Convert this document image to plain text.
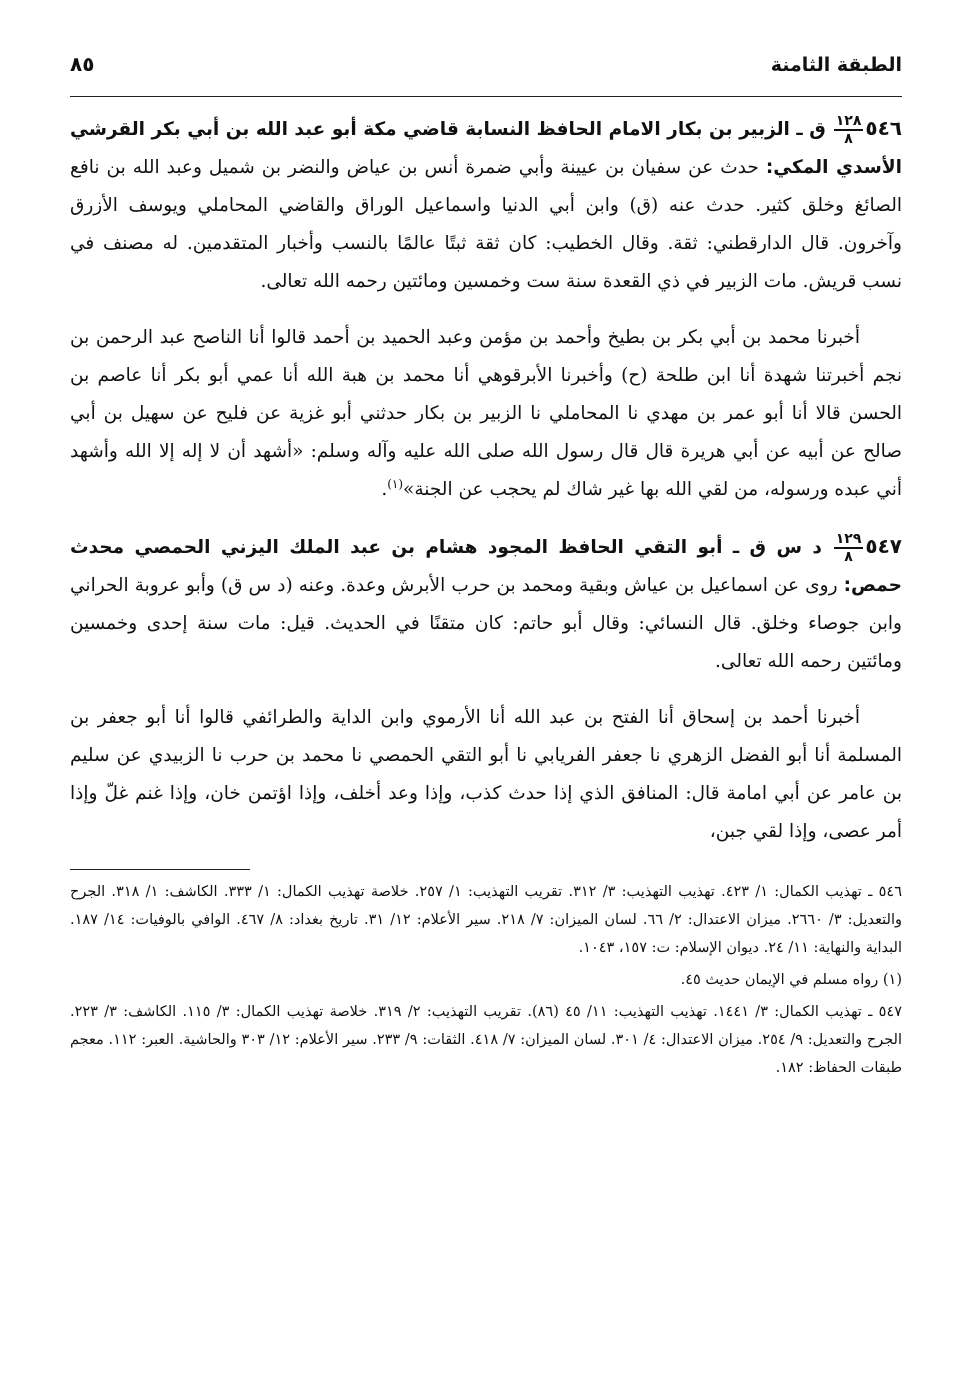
الطبقة الثامنة
٨٥

٥٤٦
$\frac{١٢٨}{٨}$
ق ـ الزبير بن بكار الامام الحافظ النسابة قاضي مكة أبو عبد الله بن أبي بكر القرشي الأسدي المكي: حدث عن سفيان بن عيينة وأبي ضمرة أنس بن عياض والنضر بن شميل وعبد الله بن نافع الصائغ وخلق كثير. حدث عنه (ق) وابن أبي الدنيا واسماعيل الوراق والقاضي المحاملي ويوسف الأزرق وآخرون. قال الدارقطني: ثقة. وقال الخطيب: كان ثقة ثبتًا عالمًا بالنسب وأخبار المتقدمين. له مصنف في نسب قريش. مات الزبير في ذي القعدة سنة ست وخمسين ومائتين رحمه الله تعالى.

أخبرنا محمد بن أبي بكر بن بطيخ وأحمد بن مؤمن وعبد الحميد بن أحمد قالوا أنا الناصح عبد الرحمن بن نجم أخبرتنا شهدة أنا ابن طلحة (ح) وأخبرنا الأبرقوهي أنا محمد بن هبة الله أنا عمي أبو بكر أنا عاصم بن الحسن قالا أنا أبو عمر بن مهدي نا المحاملي نا الزبير بن بكار حدثني أبو غزية عن فليح عن سهيل بن أبي صالح عن أبيه عن أبي هريرة قال قال رسول الله صلى الله عليه وآله وسلم: «أشهد أن لا إله إلا الله وأشهد أني عبده ورسوله، من لقي الله بها غير شاك لم يحجب عن الجنة»$^{(١)}$.

٥٤٧
$\frac{١٢٩}{٨}$
د س ق ـ أبو التقي الحافظ المجود هشام بن عبد الملك اليزني الحمصي محدث حمص: روى عن اسماعيل بن عياش وبقية ومحمد بن حرب الأبرش وعدة. وعنه (د س ق) وأبو عروبة الحراني وابن جوصاء وخلق. قال النسائي: وقال أبو حاتم: كان متقنًا في الحديث. قيل: مات سنة إحدى وخمسين ومائتين رحمه الله تعالى.

أخبرنا أحمد بن إسحاق أنا الفتح بن عبد الله أنا الأرموي وابن الداية والطرائفي قالوا أنا أبو جعفر بن المسلمة أنا أبو الفضل الزهري نا جعفر الفريابي نا أبو التقي الحمصي نا محمد بن حرب نا الزبيدي عن سليم بن عامر عن أبي امامة قال: المنافق الذي إذا حدث كذب، وإذا وعد أخلف، وإذا اؤتمن خان، وإذا غنم غلّ وإذا أمر عصى، وإذا لقي جبن،

٥٤٦ ـ تهذيب الكمال: ١/ ٤٢٣. تهذيب التهذيب: ٣/ ٣١٢. تقريب التهذيب: ١/ ٢٥٧. خلاصة تهذيب الكمال: ١/ ٣٣٣. الكاشف: ١/ ٣١٨. الجرح والتعديل: ٣/ ٢٦٦٠. ميزان الاعتدال: ٢/ ٦٦. لسان الميزان: ٧/ ٢١٨. سير الأعلام: ١٢/ ٣١. تاريخ بغداد: ٨/ ٤٦٧. الوافي بالوفيات: ١٤/ ١٨٧. البداية والنهاية: ١١/ ٢٤. ديوان الإسلام: ت: ١٥٧، ١٠٤٣.

(١) رواه مسلم في الإيمان حديث ٤٥.

٥٤٧ ـ تهذيب الكمال: ٣/ ١٤٤١. تهذيب التهذيب: ١١/ ٤٥ (٨٦). تقريب التهذيب: ٢/ ٣١٩. خلاصة تهذيب الكمال: ٣/ ١١٥. الكاشف: ٣/ ٢٢٣. الجرح والتعديل: ٩/ ٢٥٤. ميزان الاعتدال: ٤/ ٣٠١. لسان الميزان: ٧/ ٤١٨. الثقات: ٩/ ٢٣٣. سير الأعلام: ١٢/ ٣٠٣ والحاشية. العبر: ١١٢. معجم طبقات الحفاظ: ١٨٢.
